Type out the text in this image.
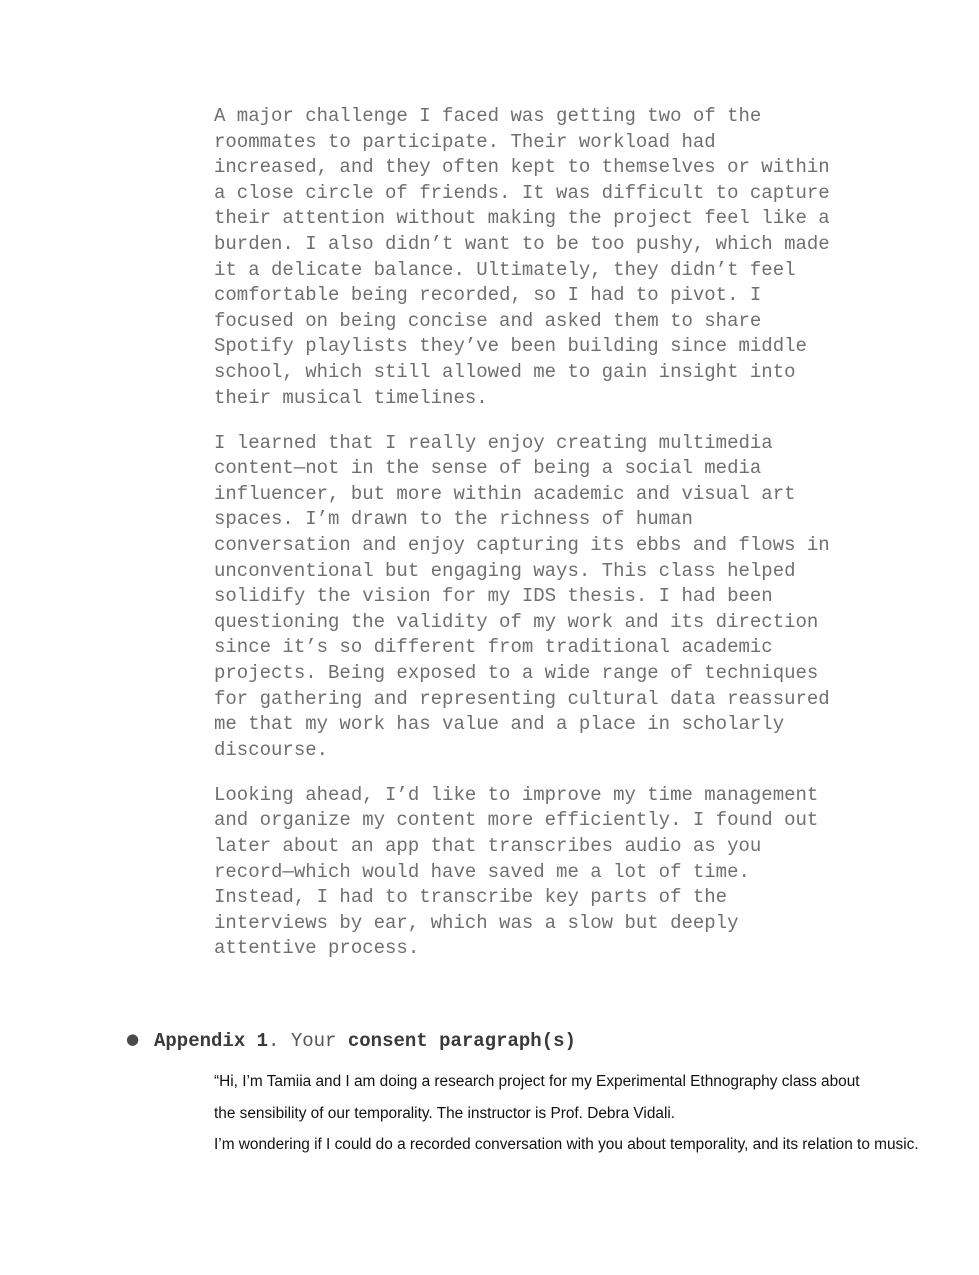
A major challenge I faced was getting two of the
roommates to participate. Their workload had
increased, and they often kept to themselves or within
a close circle of friends. It was difficult to capture
their attention without making the project feel like a
burden. I also didn’t want to be too pushy, which made
it a delicate balance. Ultimately, they didn’t feel
comfortable being recorded, so I had to pivot. I
focused on being concise and asked them to share
Spotify playlists they’ve been building since middle
school, which still allowed me to gain insight into
their musical timelines.

I learned that I really enjoy creating multimedia
content—not in the sense of being a social media
influencer, but more within academic and visual art
spaces. I’m drawn to the richness of human
conversation and enjoy capturing its ebbs and flows in
unconventional but engaging ways. This class helped
solidify the vision for my IDS thesis. I had been
questioning the validity of my work and its direction
since it’s so different from traditional academic
projects. Being exposed to a wide range of techniques
for gathering and representing cultural data reassured
me that my work has value and a place in scholarly
discourse.

Looking ahead, I’d like to improve my time management
and organize my content more efficiently. I found out
later about an app that transcribes audio as you
record—which would have saved me a lot of time.
Instead, I had to transcribe key parts of the
interviews by ear, which was a slow but deeply
attentive process.

● Appendix 1. Your consent paragraph(s)
“Hi, I’m Tamiia and I am doing a research project for my Experimental Ethnography class about
the sensibility of our temporality. The instructor is Prof. Debra Vidali.
I’m wondering if I could do a recorded conversation with you about temporality, and its relation to music.
